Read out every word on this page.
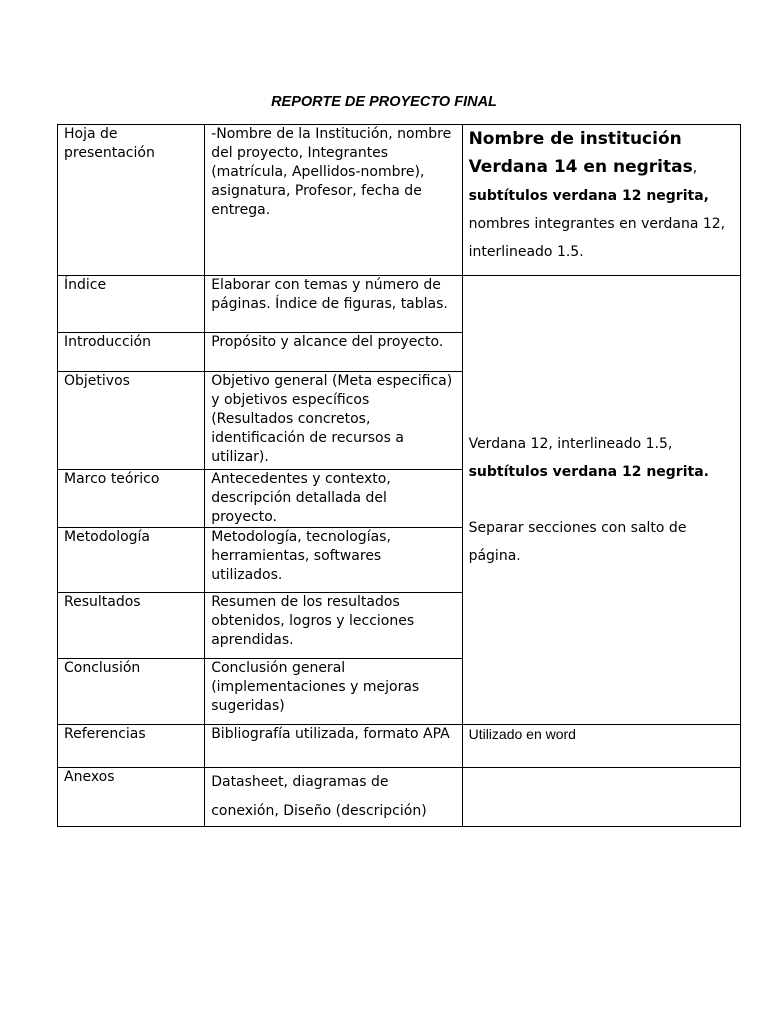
REPORTE DE PROYECTO FINAL
Hoja de presentación	-Nombre de la Institución, nombre del proyecto, Integrantes (matrícula, Apellidos-nombre), asignatura, Profesor, fecha de entrega.	Nombre de institución
Verdana 14 en negritas,
subtítulos verdana 12 negrita,
nombres integrantes en verdana 12, interlineado 1.5.

Índice	Elaborar con temas y número de páginas. Índice de figuras, tablas.	Verdana 12, interlineado 1.5,
subtítulos verdana 12 negrita.
Separar secciones con salto de página.

Introducción	Propósito y alcance del proyecto.	
Objetivos	Objetivo general (Meta especifica) y objetivos específicos (Resultados concretos, identificación de recursos a utilizar).	
Marco teórico	Antecedentes y contexto, descripción detallada del proyecto.	
Metodología	Metodología, tecnologías, herramientas, softwares utilizados.	
Resultados	Resumen de los resultados obtenidos, logros y lecciones aprendidas.	
Conclusión	Conclusión general (implementaciones y mejoras sugeridas)	
Referencias	Bibliografía utilizada, formato APA	Utilizado en word
Anexos	Datasheet, diagramas de conexión, Diseño (descripción)	
